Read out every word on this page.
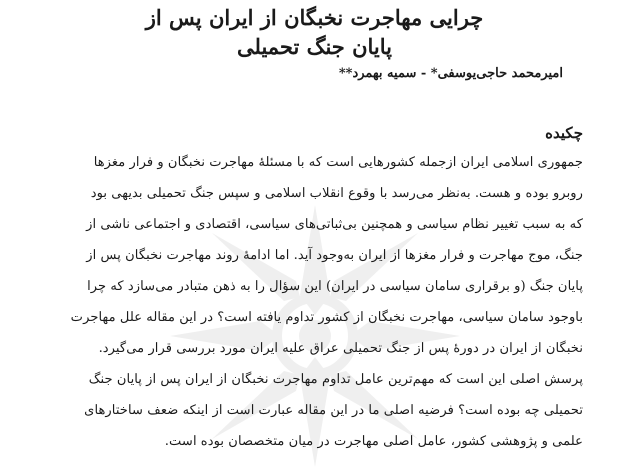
چرایی مهاجرت نخبگان از ایران پس از
پایان جنگ تحمیلی
امیرمحمد حاجی‌یوسفی* - سمیه بهمرد**
چکیده
جمهوری اسلامی ایران ازجمله کشورهایی است که با مسئلهٔ مهاجرت نخبگان و فرار مغزها
روبرو بوده و هست. به‌نظر می‌رسد با وقوع انقلاب اسلامی و سپس جنگ تحمیلی بدیهی بود
که به سبب تغییر نظام سیاسی و همچنین بی‌ثباتی‌های سیاسی، اقتصادی و اجتماعی ناشی از
جنگ، موج مهاجرت و فرار مغزها از ایران به‌وجود آید. اما ادامهٔ روند مهاجرت نخبگان پس از
پایان جنگ (و برقراری سامان سیاسی در ایران) این سؤال را به ذهن متبادر می‌سازد که چرا
باوجود سامان سیاسی، مهاجرت نخبگان از کشور تداوم یافته است؟ در این مقاله علل مهاجرت
نخبگان از ایران در دورهٔ پس از جنگ تحمیلی عراق علیه ایران مورد بررسی قرار می‌گیرد.
پرسش اصلی این است که مهم‌ترین عامل تداوم مهاجرت نخبگان از ایران پس از پایان جنگ
تحمیلی چه بوده است؟ فرضیه اصلی ما در این مقاله عبارت است از اینکه ضعف ساختارهای
علمی و پژوهشی کشور، عامل اصلی مهاجرت در میان متخصصان بوده است.
